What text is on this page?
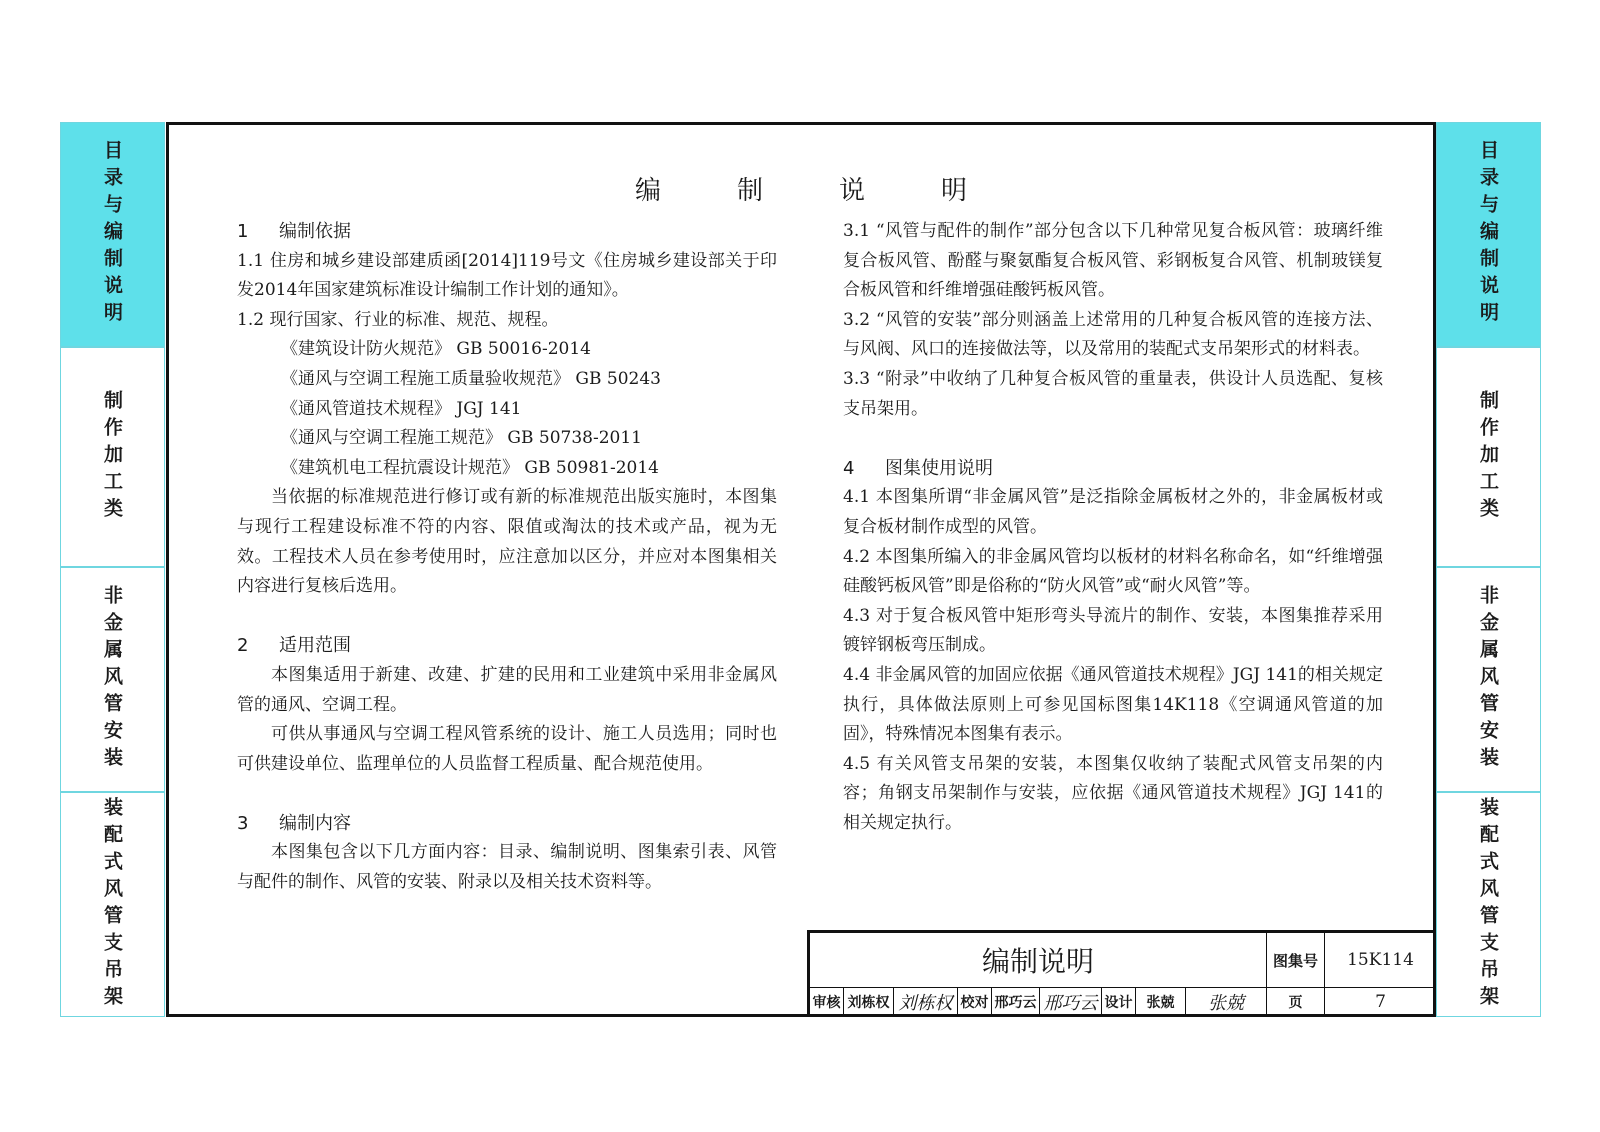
目录与编制说明
制作加工类
非金属风管安装
装配式风管支吊架
目录与编制说明
制作加工类
非金属风管安装
装配式风管支吊架
编制说明

1 编制依据

1.1 住房和城乡建设部建质函[2014]119号文《住房城乡建设部关于印发2014年国家建筑标准设计编制工作计划的通知》。

1.2 现行国家、行业的标准、规范、规程。

《建筑设计防火规范》 GB 50016-2014

《通风与空调工程施工质量验收规范》 GB 50243

《通风管道技术规程》 JGJ 141

《通风与空调工程施工规范》 GB 50738-2011

《建筑机电工程抗震设计规范》 GB 50981-2014

当依据的标准规范进行修订或有新的标准规范出版实施时，本图集与现行工程建设标准不符的内容、限值或淘汰的技术或产品，视为无效。工程技术人员在参考使用时，应注意加以区分，并应对本图集相关内容进行复核后选用。

2 适用范围

本图集适用于新建、改建、扩建的民用和工业建筑中采用非金属风管的通风、空调工程。

可供从事通风与空调工程风管系统的设计、施工人员选用；同时也可供建设单位、监理单位的人员监督工程质量、配合规范使用。

3 编制内容

本图集包含以下几方面内容：目录、编制说明、图集索引表、风管与配件的制作、风管的安装、附录以及相关技术资料等。

3.1 “风管与配件的制作”部分包含以下几种常见复合板风管：玻璃纤维复合板风管、酚醛与聚氨酯复合板风管、彩钢板复合风管、机制玻镁复合板风管和纤维增强硅酸钙板风管。

3.2 “风管的安装”部分则涵盖上述常用的几种复合板风管的连接方法、与风阀、风口的连接做法等，以及常用的装配式支吊架形式的材料表。

3.3 “附录”中收纳了几种复合板风管的重量表，供设计人员选配、复核支吊架用。

4 图集使用说明

4.1 本图集所谓“非金属风管”是泛指除金属板材之外的，非金属板材或复合板材制作成型的风管。

4.2 本图集所编入的非金属风管均以板材的材料名称命名，如“纤维增强硅酸钙板风管”即是俗称的“防火风管”或“耐火风管”等。

4.3 对于复合板风管中矩形弯头导流片的制作、安装，本图集推荐采用镀锌钢板弯压制成。

4.4 非金属风管的加固应依据《通风管道技术规程》JGJ 141的相关规定执行，具体做法原则上可参见国标图集14K118《空调通风管道的加固》，特殊情况本图集有表示。

4.5 有关风管支吊架的安装，本图集仅收纳了装配式风管支吊架的内容；角钢支吊架制作与安装，应依据《通风管道技术规程》JGJ 141的相关规定执行。

编制说明	图集号	15K114
审核 刘栋权 刘栋权 校对 邢巧云 邢巧云 设计	张兢	张兢	页	7
